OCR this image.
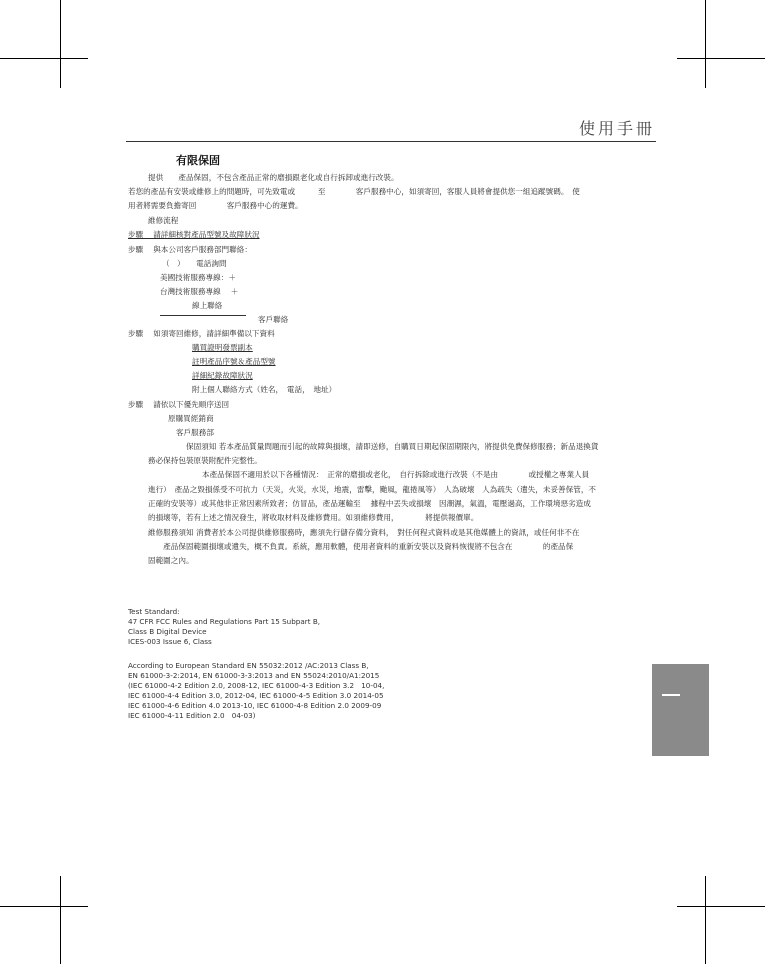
使用手冊
有限保固
提供　　產品保固，不包含產品正常的磨損跟老化或自行拆卸或進行改裝。
若您的產品有安裝或維修上的問題時，可先致電或　　　至　　　　客戶服務中心，如須寄回，客服人員將會提供您一組追蹤號碼。　使
用者將需要負擔寄回　　　　客戶服務中心的運費。
維修流程
步驟　 請詳細核對產品型號及故障狀況
步驟　 與本公司客戶服務部門聯絡：
（　）　　電話詢問
美國技術服務專線：＋
台灣技術服務專線　 ＋
線上聯絡
客戶聯絡
步驟　 如須寄回維修，請詳細準備以下資料
購買證明發票副本
註明產品序號＆產品型號
詳細紀錄故障狀況
附上個人聯絡方式（姓名，　電話，　地址）
步驟　 請依以下優先順序送回
原購買經銷商
客戶服務部
保固須知 若本產品質量問題而引起的故障與損壞，請即送修，自購買日期起保固期限內，將提供免費保修服務；新品退換貨
務必保持包裝原裝附配件完整性。
本產品保固不適用於以下各種情況：　正常的磨損或老化，　自行拆除或進行改裝（不是由　　　　或授權之專業人員
進行）　產品之毀損係受不可抗力（天災，火災，水災，地震，雷擊，颱風，龍捲風等）　人為破壞　人為疏失（遺失，未妥善保管，不
正確的安裝等）或其他非正常因素所致者；仿冒品，產品運輸至　 據程中丟失或損壞　因潮濕，氣溫，電壓過高，工作環境惡劣造成
的損壞等，若有上述之情況發生，將收取材料及維修費用。如須維修費用，　　　　將提供報價單。
維修服務須知 消費者於本公司提供維修服務時，應須先行儲存備分資料，　對任何程式資料或是其他媒體上的資訊，或任何非不在
　　產品保固範圍損壞或遺失，概不負責。系統，應用軟體，使用者資料的重新安裝以及資料恢復將不包含在　　　　的產品保
固範圍之內。
Test Standard:
47 CFR FCC Rules and Regulations Part 15 Subpart B,
Class B Digital Device
ICES-003 Issue 6, Class
According to European Standard EN 55032:2012 /AC:2013 Class B,
EN 61000-3-2:2014, EN 61000-3-3:2013 and EN 55024:2010/A1:2015
(IEC 61000-4-2 Edition 2.0, 2008-12, IEC 61000-4-3 Edition 3.2　10-04,
IEC 61000-4-4 Edition 3.0, 2012-04, IEC 61000-4-5 Edition 3.0 2014-05
IEC 61000-4-6 Edition 4.0 2013-10, IEC 61000-4-8 Edition 2.0 2009-09
IEC 61000-4-11 Edition 2.0　04-03)
